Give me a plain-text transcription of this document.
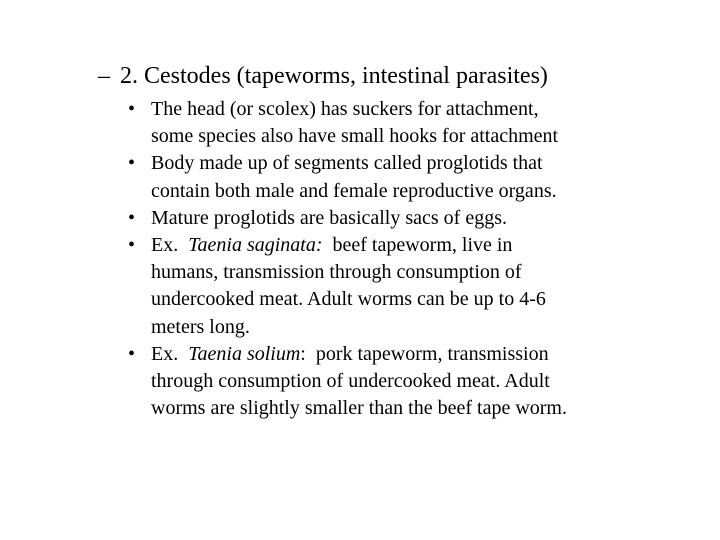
– 2. Cestodes (tapeworms, intestinal parasites)
• The head (or scolex) has suckers for attachment,
some species also have small hooks for attachment
• Body made up of segments called proglotids that
contain both male and female reproductive organs.
• Mature proglotids are basically sacs of eggs.
• Ex.  Taenia saginata:  beef tapeworm, live in
humans, transmission through consumption of
undercooked meat. Adult worms can be up to 4-6
meters long.
• Ex.  Taenia solium:  pork tapeworm, transmission
through consumption of undercooked meat. Adult
worms are slightly smaller than the beef tape worm.
